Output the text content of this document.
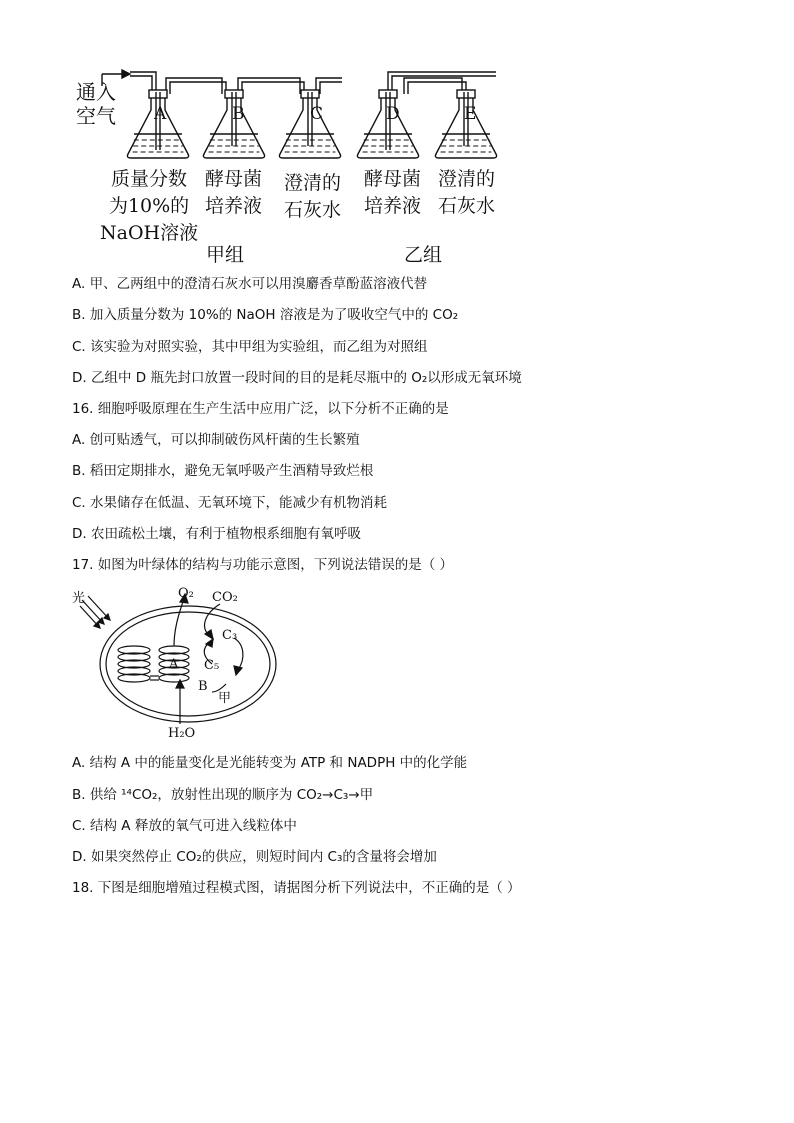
A	B	C	D	E
通入
空气
质量分数
为10%的
NaOH溶液
酵母菌
培养液
澄清的
石灰水
酵母菌
培养液
澄清的
石灰水
甲组	乙组
A. 甲、乙两组中的澄清石灰水可以用溴麝香草酚蓝溶液代替
B. 加入质量分数为 10%的 NaOH 溶液是为了吸收空气中的 CO₂
C. 该实验为对照实验，其中甲组为实验组，而乙组为对照组
D. 乙组中 D 瓶先封口放置一段时间的目的是耗尽瓶中的 O₂以形成无氧环境
16. 细胞呼吸原理在生产生活中应用广泛，以下分析不正确的是
A. 创可贴透气，可以抑制破伤风杆菌的生长繁殖
B. 稻田定期排水，避免无氧呼吸产生酒精导致烂根
C. 水果储存在低温、无氧环境下，能减少有机物消耗
D. 农田疏松土壤，有利于植物根系细胞有氧呼吸
17. 如图为叶绿体的结构与功能示意图，下列说法错误的是（ ）
光	O₂ CO₂
C₃
C₅
A
B
甲
H₂O
A. 结构 A 中的能量变化是光能转变为 ATP 和 NADPH 中的化学能
B. 供给 ¹⁴CO₂，放射性出现的顺序为 CO₂→C₃→甲
C. 结构 A 释放的氧气可进入线粒体中
D. 如果突然停止 CO₂的供应，则短时间内 C₃的含量将会增加
18. 下图是细胞增殖过程模式图，请据图分析下列说法中，不正确的是（ ）
